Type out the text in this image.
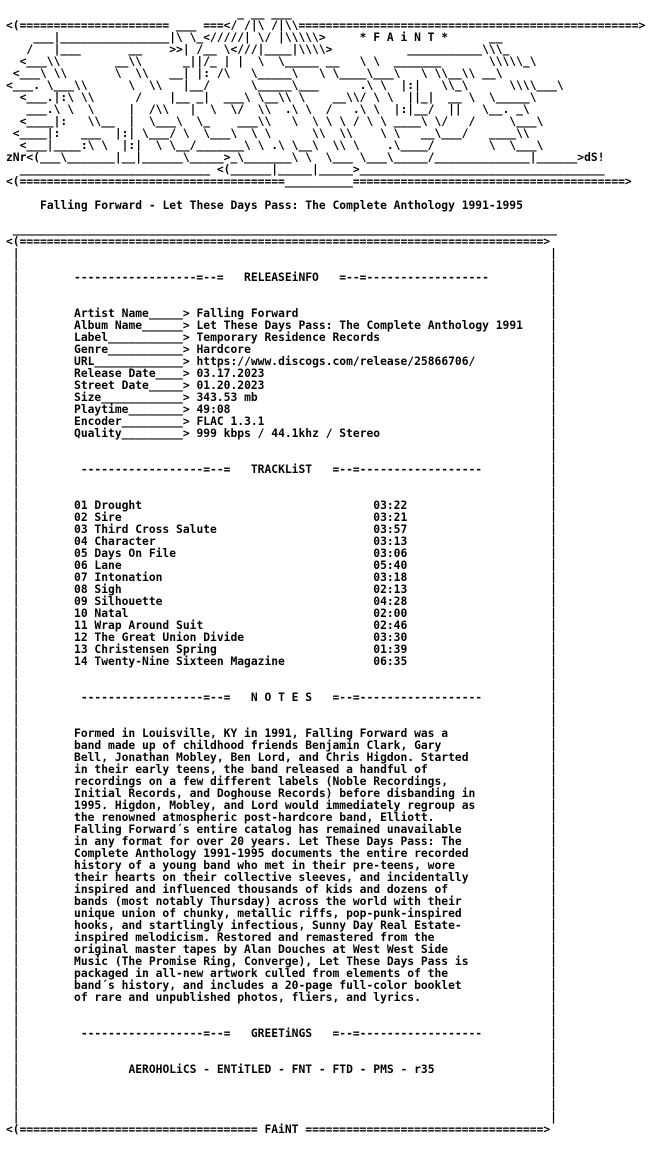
_ __ ___
<(====================== ___ ===</ /|\ /|\\==================================================>
___|________________|\ \_</////| \/ |\\\\\>     * F A i N T *      __
/   |___       __    >>| /__ \<///|____|\\\\>           ___________\\\_
<___\\        __\\      _||/_ | |  \  \_____ __   \ \  _______       \\\\\_\
<___\ \\       \  \\   __| |: /\   \_____\   \ \____\___\   \ \\__\\ __\
<___. \___\\      \  \\   |__/      \_____\___      .\ \  |:|   \\_\      \\\\___\
<___.|:\ \\      /    |__ _|  ___\ \__\\ \    __\\/ \ \  ||_|  __ \  \_____\
___.\ \  \     |  /\\   |  \  \/  \\  .\ \  /   .\ \  |:|__/  ||   \__. _\
<____|:   \\__  |  \___\  \_    ___\\   \  \ \ \ / \ \ ____\ \/   /     \___\
<____|:   ___  |:| \___/ \  \___\  \ \      \\  \\    \ \   __\___/   ____\\
<___|____:\ \  |:|  \ \__/_______\ \ .\ \__\  \\ \    .\____/        \  \___\
zNr<(___\_______|__|______\_____>_\_______\ \  \___ \___\_____/______________|______>dS!
____________________________ <(______|_____|_____>____________________________________
<(=======================================__________========================================>

Falling Forward - Let These Days Pass: The Complete Anthology 1991-1995

________________________________________________________________________________
<(=============================================================================>
|	|
|	|
|        ------------------=--=   RELEASEiNFO   =--=------------------         |
|	|
|	|
|	Artist Name_____> Falling Forward                                     |
|	Album Name______> Let These Days Pass: The Complete Anthology 1991    |
|	Label___________> Temporary Residence Records                         |
|	Genre___________> Hardcore                                            |
|	URL_____________> https://www.discogs.com/release/25866706/           |
|	Release Date____> 03.17.2023                                          |
|	Street Date_____> 01.20.2023                                          |
|	Size____________> 343.53 mb                                           |
|	Playtime________> 49:08                                               |
|	Encoder_________> FLAC 1.3.1                                          |
|	Quality_________> 999 kbps / 44.1khz / Stereo                         |
|	|
|	|
|         ------------------=--=   TRACKLiST   =--=------------------          |
|	|
|	|
|        01 Drought                                  03:22                     |
|        02 Sire                                     03:21                     |
|        03 Third Cross Salute                       03:57                     |
|        04 Character                                03:13                     |
|        05 Days On File                             03:06                     |
|        06 Lane                                     05:40                     |
|        07 Intonation                               03:18                     |
|        08 Sigh                                     02:13                     |
|        09 Silhouette                               04:28                     |
|        10 Natal                                    02:00                     |
|        11 Wrap Around Suit                         02:46                     |
|        12 The Great Union Divide                   03:30                     |
|        13 Christensen Spring                       01:39                     |
|        14 Twenty-Nine Sixteen Magazine             06:35                     |
|	|
|	|
|         ------------------=--=   N O T E S   =--=------------------          |
|	|
|	|
|        Formed in Louisville, KY in 1991, Falling Forward was a               |
|        band made up of childhood friends Benjamin Clark, Gary                |
|        Bell, Jonathan Mobley, Ben Lord, and Chris Higdon. Started            |
|        in their early teens, the band released a handful of                  |
|        recordings on a few different labels (Noble Recordings,               |
|        Initial Records, and Doghouse Records) before disbanding in           |
|        1995. Higdon, Mobley, and Lord would immediately regroup as           |
|        the renowned atmospheric post-hardcore band, Elliott.                 |
|        Falling Forward´s entire catalog has remained unavailable             |
|        in any format for over 20 years. Let These Days Pass: The             |
|        Complete Anthology 1991-1995 documents the entire recorded            |
|        history of a young band who met in their pre-teens, wore              |
|        their hearts on their collective sleeves, and incidentally            |
|        inspired and influenced thousands of kids and dozens of               |
|        bands (most notably Thursday) across the world with their             |
|        unique union of chunky, metallic riffs, pop-punk-inspired             |
|        hooks, and startlingly infectious, Sunny Day Real Estate-             |
|        inspired melodicism. Restored and remastered from the                 |
|        original master tapes by Alan Douches at West West Side               |
|        Music (The Promise Ring, Converge), Let These Days Pass is            |
|        packaged in all-new artwork culled from elements of the               |
|        band´s history, and includes a 20-page full-color booklet             |
|        of rare and unpublished photos, fliers, and lyrics.                   |
|	|
|	|
|         ------------------=--=   GREETiNGS   =--=------------------          |
|	|
|	|
|                AEROHOLiCS - ENTiTLED - FNT - FTD - PMS - r35                 |
|	|
|	|
|	|
|	|
<(=================================== FAiNT ===================================>
